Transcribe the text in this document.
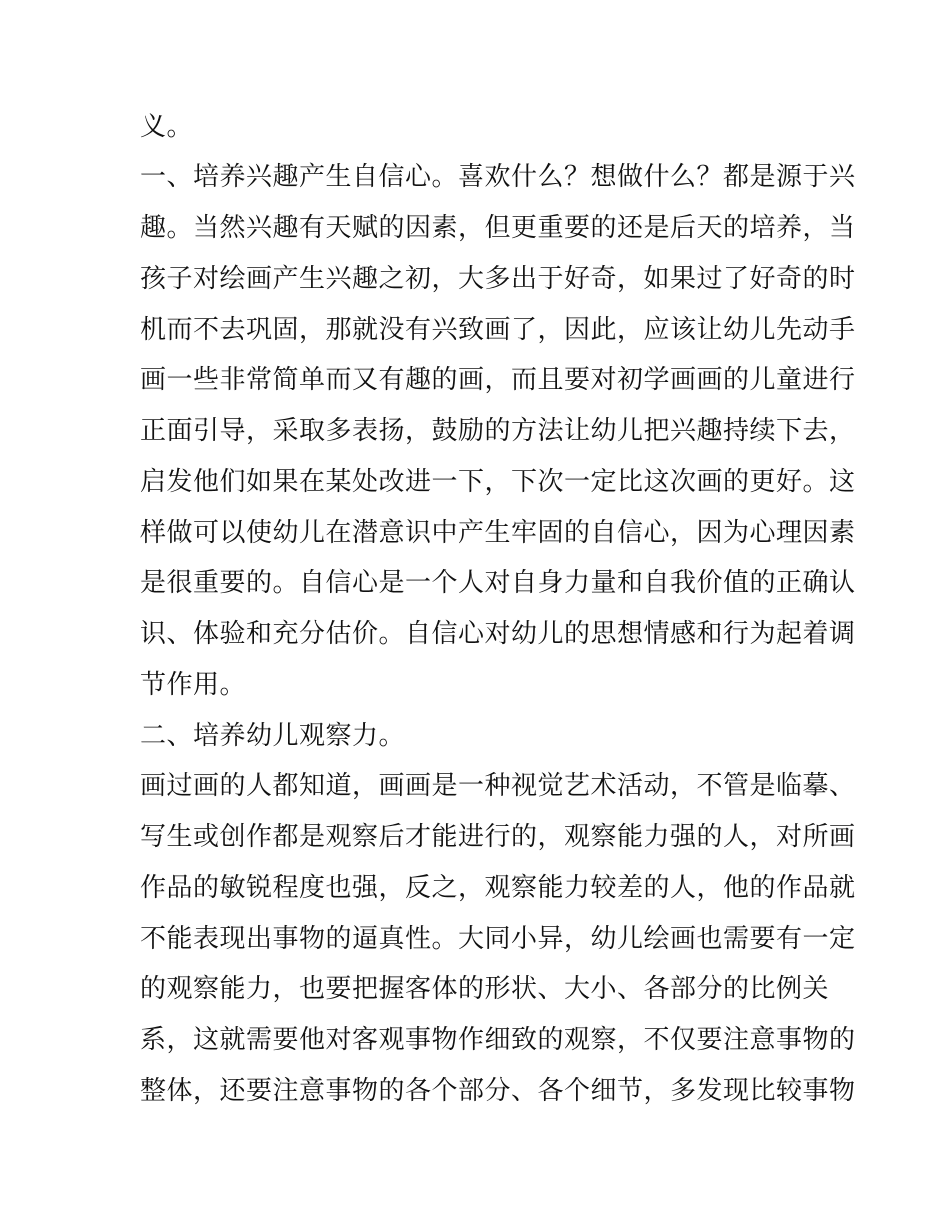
义。
一、培养兴趣产生自信心。喜欢什么？想做什么？都是源于兴
趣。当然兴趣有天赋的因素，但更重要的还是后天的培养，当
孩子对绘画产生兴趣之初，大多出于好奇，如果过了好奇的时
机而不去巩固，那就没有兴致画了，因此，应该让幼儿先动手
画一些非常简单而又有趣的画，而且要对初学画画的儿童进行
正面引导，采取多表扬，鼓励的方法让幼儿把兴趣持续下去，
启发他们如果在某处改进一下，下次一定比这次画的更好。这
样做可以使幼儿在潜意识中产生牢固的自信心，因为心理因素
是很重要的。自信心是一个人对自身力量和自我价值的正确认
识、体验和充分估价。自信心对幼儿的思想情感和行为起着调
节作用。
二、培养幼儿观察力。
画过画的人都知道，画画是一种视觉艺术活动，不管是临摹、
写生或创作都是观察后才能进行的，观察能力强的人，对所画
作品的敏锐程度也强，反之，观察能力较差的人，他的作品就
不能表现出事物的逼真性。大同小异，幼儿绘画也需要有一定
的观察能力，也要把握客体的形状、大小、各部分的比例关
系，这就需要他对客观事物作细致的观察，不仅要注意事物的
整体，还要注意事物的各个部分、各个细节，多发现比较事物
